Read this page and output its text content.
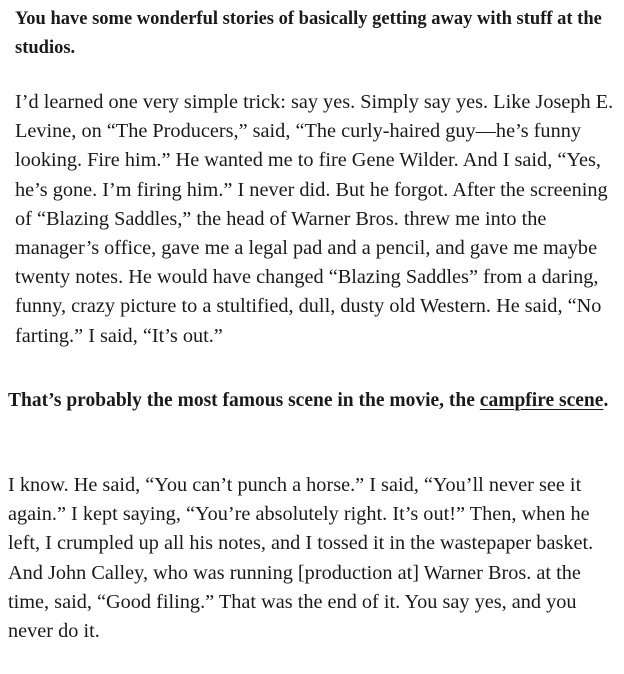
You have some wonderful stories of basically getting away with stuff at the studios.

I’d learned one very simple trick: say yes. Simply say yes. Like Joseph E. Levine, on “The Producers,” said, “The curly-haired guy—he’s funny looking. Fire him.” He wanted me to fire Gene Wilder. And I said, “Yes, he’s gone. I’m firing him.” I never did. But he forgot. After the screening of “Blazing Saddles,” the head of Warner Bros. threw me into the manager’s office, gave me a legal pad and a pencil, and gave me maybe twenty notes. He would have changed “Blazing Saddles” from a daring, funny, crazy picture to a stultified, dull, dusty old Western. He said, “No farting.” I said, “It’s out.”

That’s probably the most famous scene in the movie, the campfire scene.

I know. He said, “You can’t punch a horse.” I said, “You’ll never see it again.” I kept saying, “You’re absolutely right. It’s out!” Then, when he left, I crumpled up all his notes, and I tossed it in the wastepaper basket. And John Calley, who was running [production at] Warner Bros. at the time, said, “Good filing.” That was the end of it. You say yes, and you never do it.
